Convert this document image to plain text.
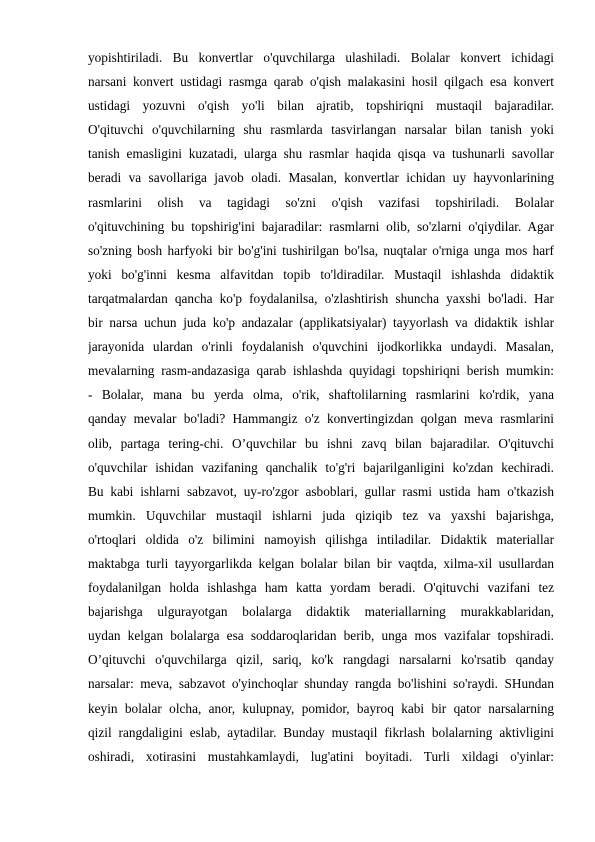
yopishtiriladi. Bu konvertlar o'quvchilarga ulashiladi. Bolalar konvert ichidagi
narsani konvert ustidagi rasmga qarab o'qish malakasini hosil qilgach esa konvert
ustidagi yozuvni o'qish yo'li bilan ajratib, topshiriqni mustaqil bajaradilar.
O'qituvchi o'quvchilarning shu rasmlarda tasvirlangan narsalar bilan tanish yoki
tanish emasligini kuzatadi, ularga shu rasmlar haqida qisqa va tushunarli savollar
beradi va savollariga javob oladi. Masalan, konvertlar ichidan uy hayvonlarining
rasmlarini olish va tagidagi so'zni o'qish vazifasi topshiriladi. Bolalar
o'qituvchining bu topshirig'ini bajaradilar: rasmlarni olib, so'zlarni o'qiydilar. Agar
so'zning bosh harfyoki bir bo'g'ini tushirilgan bo'lsa, nuqtalar o'rniga unga mos harf
yoki bo'g'inni kesma alfavitdan topib to'ldiradilar. Mustaqil ishlashda didaktik
tarqatmalardan qancha ko'p foydalanilsa, o'zlashtirish shuncha yaxshi bo'ladi. Har
bir narsa uchun juda ko'p andazalar (applikatsiyalar) tayyorlash va didaktik ishlar
jarayonida ulardan o'rinli foydalanish o'quvchini ijodkorlikka undaydi. Masalan,
mevalarning rasm-andazasiga qarab ishlashda quyidagi topshiriqni berish mumkin:
- Bolalar, mana bu yerda olma, o'rik, shaftolilarning rasmlarini ko'rdik, yana
qanday mevalar bo'ladi? Hammangiz o'z konvertingizdan qolgan meva rasmlarini
olib, partaga tering-chi. O’quvchilar bu ishni zavq bilan bajaradilar. O'qituvchi
o'quvchilar ishidan vazifaning qanchalik to'g'ri bajarilganligini ko'zdan kechiradi.
Bu kabi ishlarni sabzavot, uy-ro'zgor asboblari, gullar rasmi ustida ham o'tkazish
mumkin. Uquvchilar mustaqil ishlarni juda qiziqib tez va yaxshi bajarishga,
o'rtoqlari oldida o'z bilimini namoyish qilishga intiladilar. Didaktik materiallar
maktabga turli tayyorgarlikda kelgan bolalar bilan bir vaqtda, xilma-xil usullardan
foydalanilgan holda ishlashga ham katta yordam beradi. O'qituvchi vazifani tez
bajarishga ulgurayotgan bolalarga didaktik materiallarning murakkablaridan,
uydan kelgan bolalarga esa soddaroqlaridan berib, unga mos vazifalar topshiradi.
O’qituvchi o'quvchilarga qizil, sariq, ko'k rangdagi narsalarni ko'rsatib qanday
narsalar: meva, sabzavot o'yinchoqlar shunday rangda bo'lishini so'raydi. SHundan
keyin bolalar olcha, anor, kulupnay, pomidor, bayroq kabi bir qator narsalarning
qizil rangdaligini eslab, aytadilar. Bunday mustaqil fikrlash bolalarning aktivligini
oshiradi, xotirasini mustahkamlaydi, lug'atini boyitadi. Turli xildagi o'yinlar:
